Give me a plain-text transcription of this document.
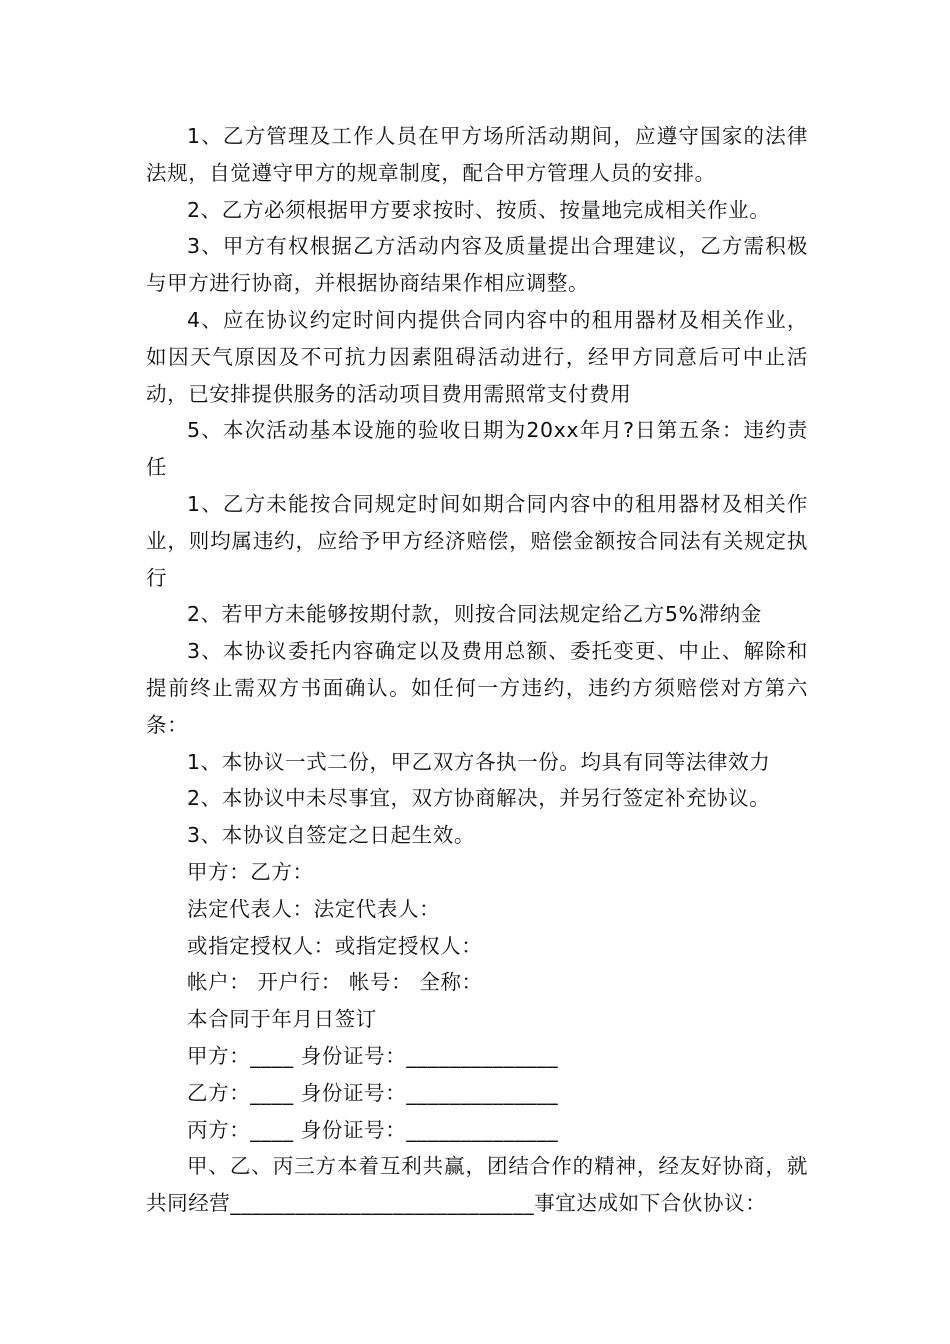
1、乙方管理及工作人员在甲方场所活动期间，应遵守国家的法律法规，自觉遵守甲方的规章制度，配合甲方管理人员的安排。

2、乙方必须根据甲方要求按时、按质、按量地完成相关作业。

3、甲方有权根据乙方活动内容及质量提出合理建议，乙方需积极与甲方进行协商，并根据协商结果作相应调整。

4、应在协议约定时间内提供合同内容中的租用器材及相关作业，如因天气原因及不可抗力因素阻碍活动进行，经甲方同意后可中止活动，已安排提供服务的活动项目费用需照常支付费用

5、本次活动基本设施的验收日期为20xx年月?日第五条：违约责任

1、乙方未能按合同规定时间如期合同内容中的租用器材及相关作业，则均属违约，应给予甲方经济赔偿，赔偿金额按合同法有关规定执行

2、若甲方未能够按期付款，则按合同法规定给乙方5%滞纳金

3、本协议委托内容确定以及费用总额、委托变更、中止、解除和提前终止需双方书面确认。如任何一方违约，违约方须赔偿对方第六条：

1、本协议一式二份，甲乙双方各执一份。均具有同等法律效力

2、本协议中未尽事宜，双方协商解决，并另行签定补充协议。

3、本协议自签定之日起生效。

甲方：乙方：

法定代表人：法定代表人：

或指定授权人：或指定授权人：

帐户： 开户行： 帐号： 全称：

本合同于年月日签订

甲方：____ 身份证号：______________

乙方：____ 身份证号：______________

丙方：____ 身份证号：______________

甲、乙、丙三方本着互利共赢，团结合作的精神，经友好协商，就共同经营____________________________事宜达成如下合伙协议：
